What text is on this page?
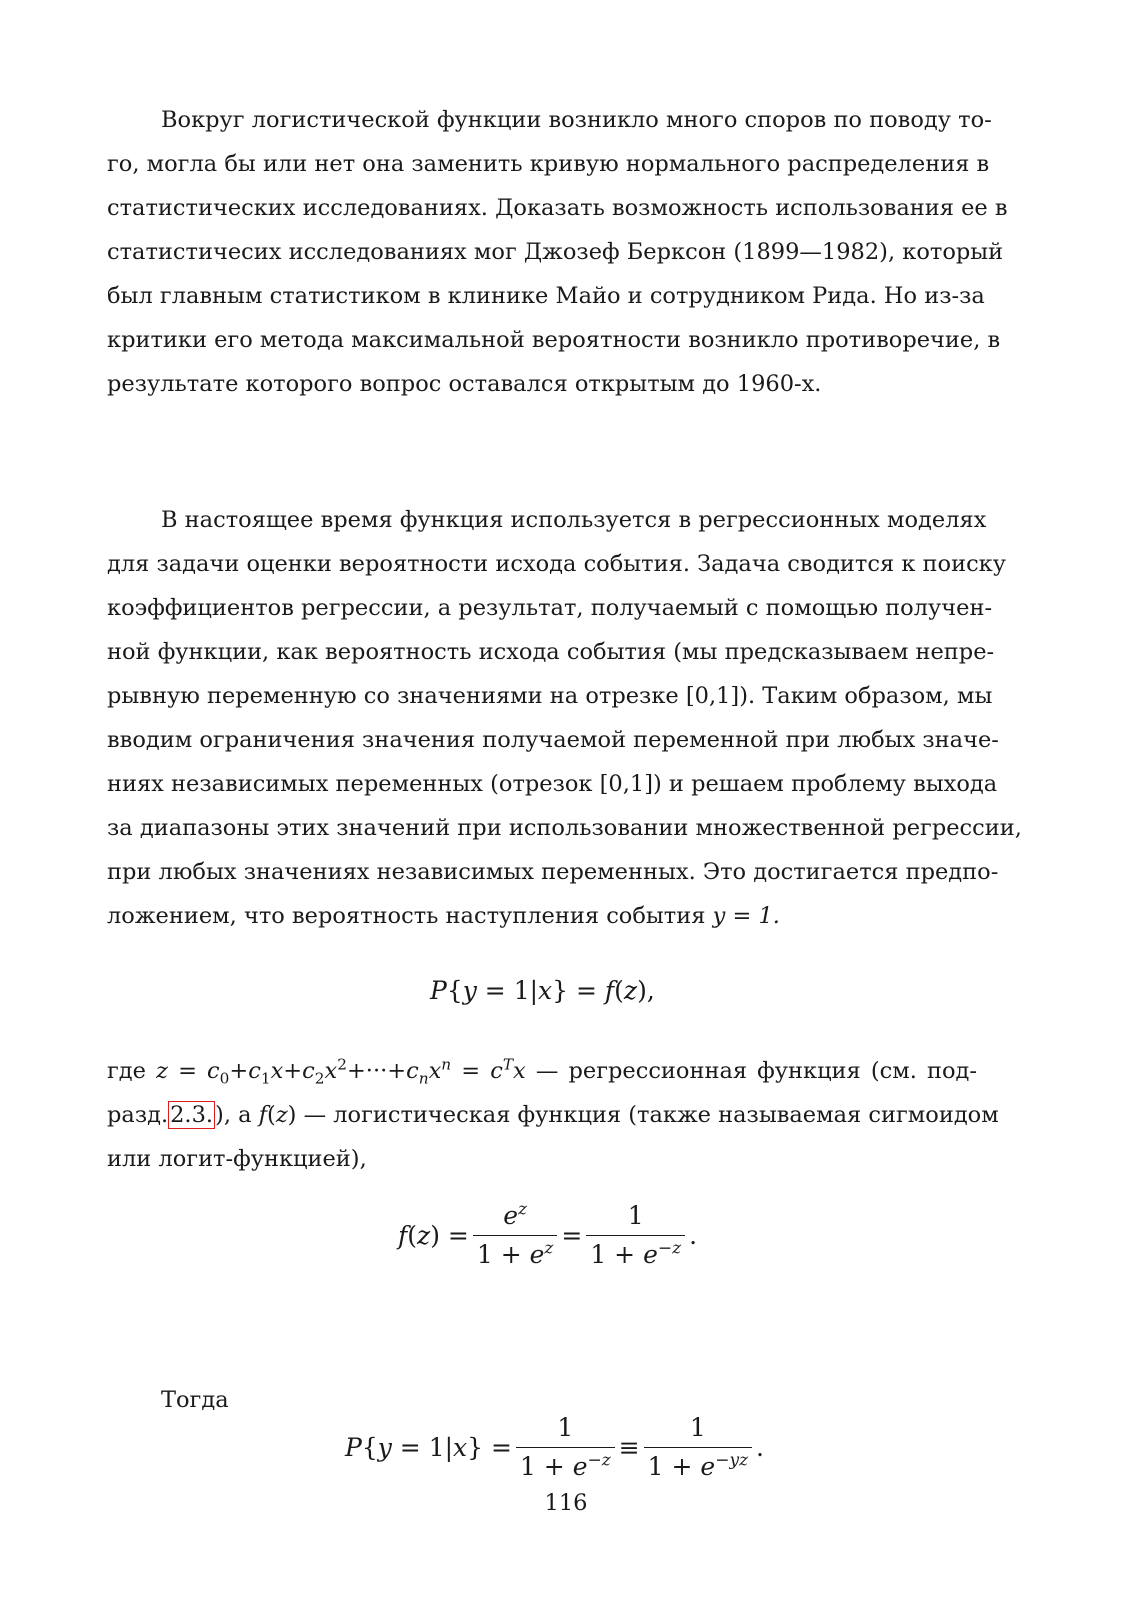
Вокруг логистической функции возникло много споров по поводу то-
го, могла бы или нет она заменить кривую нормального распределения в
статистических исследованиях. Доказать возможность использования ее в
статистичесих исследованиях мог Джозеф Берксон (1899—1982), который
был главным статистиком в клинике Майо и сотрудником Рида. Но из-за
критики его метода максимальной вероятности возникло противоречие, в
результате которого вопрос оставался открытым до 1960-х.
В настоящее время функция используется в регрессионных моделях
для задачи оценки вероятности исхода события. Задача сводится к поиску
коэффициентов регрессии, а результат, получаемый с помощью получен-
ной функции, как вероятность исхода события (мы предсказываем непре-
рывную переменную со значениями на отрезке [0,1]). Таким образом, мы
вводим ограничения значения получаемой переменной при любых значе-
ниях независимых переменных (отрезок [0,1]) и решаем проблему выхода
за диапазоны этих значений при использовании множественной регрессии,
при любых значениях независимых переменных. Это достигается предпо-
ложением, что вероятность наступления события y = 1.
P{y = 1|x} = f(z),
где $z = c_0+c_1x+c_2x^2+\cdot\cdot\cdot+c_nx^n = c^Tx$ — регрессионная функция (см. под-
разд.2.3.), а f(z) — логистическая функция (также называемая сигмоидом
или логит-функцией),
$f(z) = \frac{e^z}{1 + e^z} = \frac{1}{1 + e^{-z}}$ .
Тогда
$P\{y = 1|x\} = \frac{1}{1 + e^{-z}} \equiv \frac{1}{1 + e^{-yz}}$ .
116
